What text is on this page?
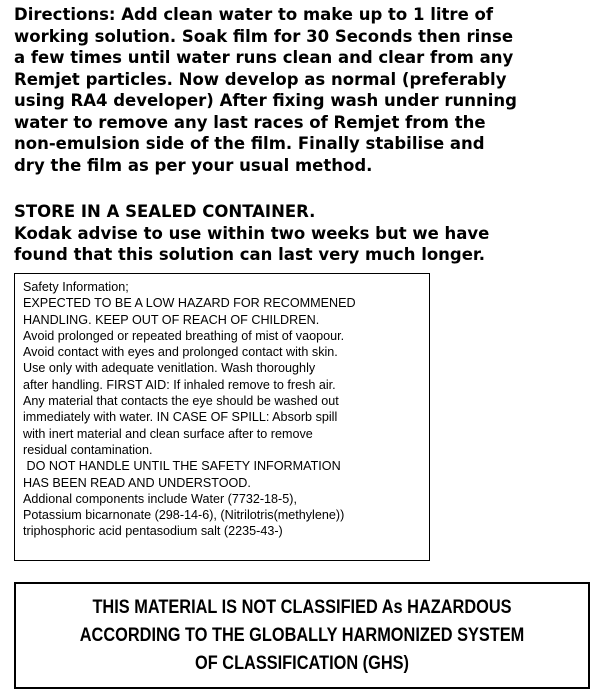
Directions: Add clean water to make up to 1 litre of
working solution. Soak film for 30 Seconds then rinse
a few times until water runs clean and clear from any
Remjet particles. Now develop as normal (preferably
using RA4 developer) After fixing wash under running
water to remove any last races of Remjet from the
non-emulsion side of the film. Finally stabilise and
dry the film as per your usual method.
STORE IN A SEALED CONTAINER.
Kodak advise to use within two weeks but we have
found that this solution can last very much longer.
Safety Information;
EXPECTED TO BE A LOW HAZARD FOR RECOMMENED
HANDLING. KEEP OUT OF REACH OF CHILDREN.
Avoid prolonged or repeated breathing of mist of vaopour.
Avoid contact with eyes and prolonged contact with skin.
Use only with adequate venitlation. Wash thoroughly
after handling. FIRST AID: If inhaled remove to fresh air.
Any material that contacts the eye should be washed out
immediately with water. IN CASE OF SPILL: Absorb spill
with inert material and clean surface after to remove
residual contamination.
DO NOT HANDLE UNTIL THE SAFETY INFORMATION
HAS BEEN READ AND UNDERSTOOD.
Addional components include Water (7732-18-5),
Potassium bicarnonate (298-14-6), (Nitrilotris(methylene))
triphosphoric acid pentasodium salt (2235-43-)
THIS MATERIAL IS NOT CLASSIFIED As HAZARDOUS
ACCORDING TO THE GLOBALLY HARMONIZED SYSTEM
OF CLASSIFICATION (GHS)
